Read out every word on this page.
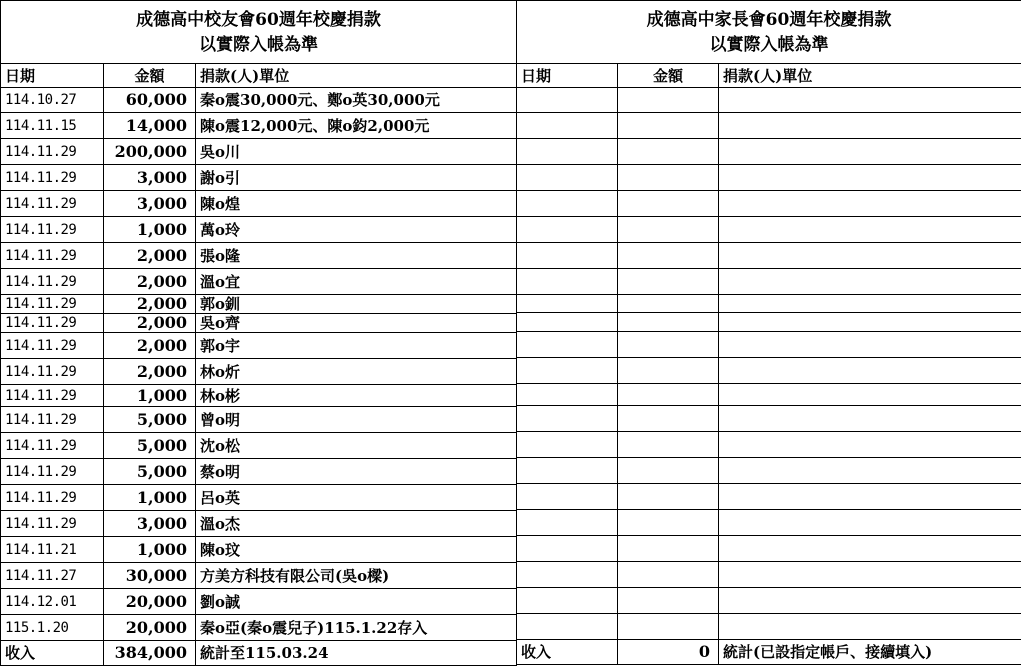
成德高中校友會60週年校慶捐款
以實際入帳為準		

日期	金額	捐款(人)單位
114.10.27	60,000	秦o震30,000元、鄭o英30,000元
114.11.15	14,000	陳o震12,000元、陳o鈞2,000元
114.11.29	200,000	吳o川
114.11.29	3,000	謝o引
114.11.29	3,000	陳o煌
114.11.29	1,000	萬o玲
114.11.29	2,000	張o隆
114.11.29	2,000	溫o宜
114.11.29	2,000	郭o釧
114.11.29	2,000	吳o齊
114.11.29	2,000	郭o宇
114.11.29	2,000	林o炘
114.11.29	1,000	林o彬
114.11.29	5,000	曾o明
114.11.29	5,000	沈o松
114.11.29	5,000	蔡o明
114.11.29	1,000	呂o英
114.11.29	3,000	溫o杰
114.11.21	1,000	陳o玟
114.11.27	30,000	方美方科技有限公司(吳o樑)
114.12.01	20,000	劉o誠
115.1.20	20,000	秦o亞(秦o震兒子)115.1.22存入
收入	384,000	統計至115.03.24
成德高中家長會60週年校慶捐款
以實際入帳為準		

日期	金額	捐款(人)單位

收入	0	統計(已設指定帳戶、接續填入)
